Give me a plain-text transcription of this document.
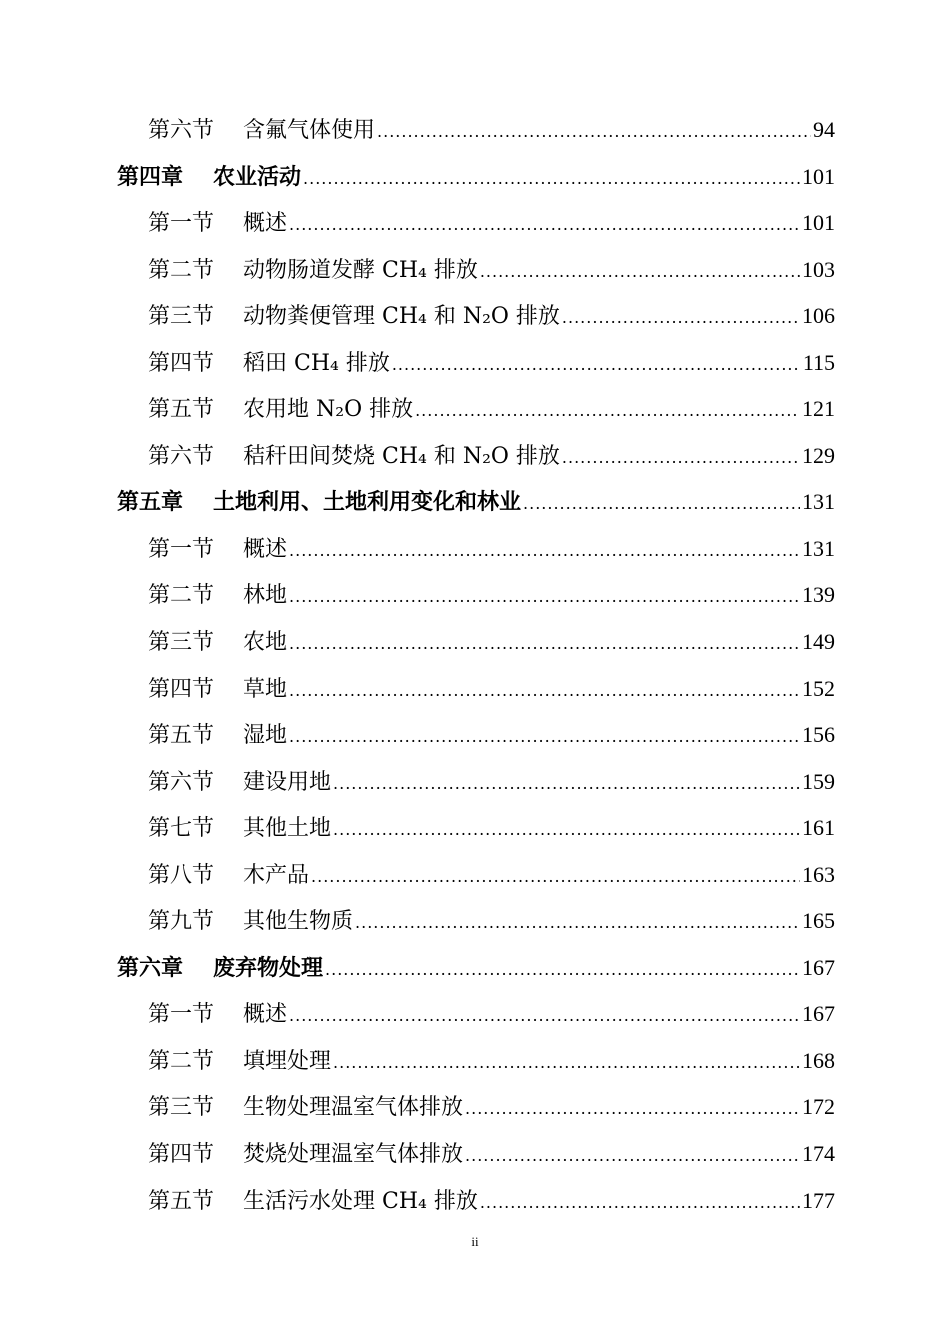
第六节	含氟气体使用 .....	94
第四章	农业活动 .....	101
第一节	概述 .....	101
第二节	动物肠道发酵 CH₄ 排放 .....	103
第三节	动物粪便管理 CH₄ 和 N₂O 排放 .....	106
第四节	稻田 CH₄ 排放 .....	115
第五节	农用地 N₂O 排放 .....	121
第六节	秸秆田间焚烧 CH₄ 和 N₂O 排放 .....	129
第五章	土地利用、土地利用变化和林业 .....	131
第一节	概述 .....	131
第二节	林地 .....	139
第三节	农地 .....	149
第四节	草地 .....	152
第五节	湿地 .....	156
第六节	建设用地 .....	159
第七节	其他土地 .....	161
第八节	木产品 .....	163
第九节	其他生物质 .....	165
第六章	废弃物处理 .....	167
第一节	概述 .....	167
第二节	填埋处理 .....	168
第三节	生物处理温室气体排放 .....	172
第四节	焚烧处理温室气体排放 .....	174
第五节	生活污水处理 CH₄ 排放 .....	177
ii
